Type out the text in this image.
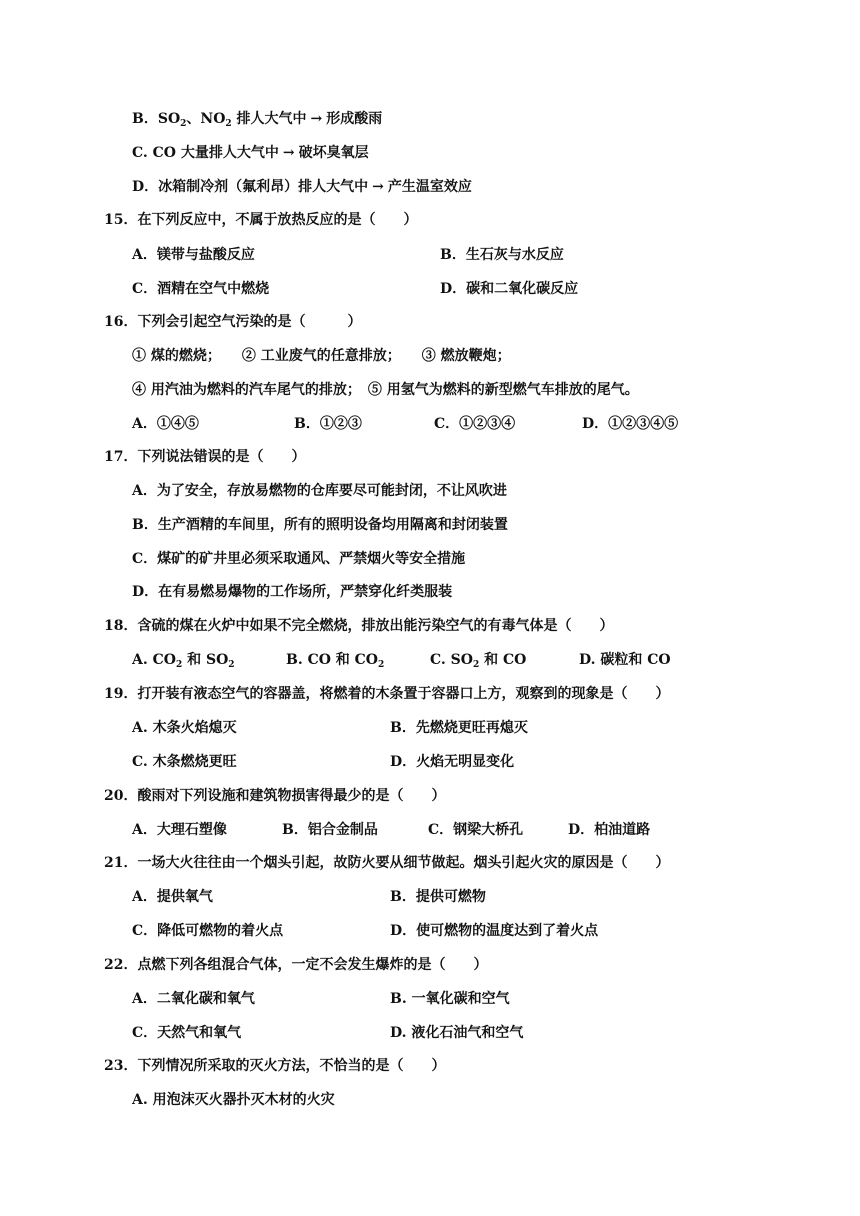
B．$SO_2$、$NO_2$ 排人大气中 → 形成酸雨
C. CO 大量排人大气中 → 破坏臭氧层
D．冰箱制冷剂（氟利昂）排人大气中 → 产生温室效应
15．在下列反应中，不属于放热反应的是（　　）
A．镁带与盐酸反应	B．生石灰与水反应
C．酒精在空气中燃烧	D．碳和二氧化碳反应
16．下列会引起空气污染的是（　　　）
① 煤的燃烧；　　② 工业废气的任意排放；　　③ 燃放鞭炮；
④ 用汽油为燃料的汽车尾气的排放；　⑤ 用氢气为燃料的新型燃气车排放的尾气。
A．①④⑤	B．①②③	C．①②③④	D．①②③④⑤
17．下列说法错误的是（　　）
A．为了安全，存放易燃物的仓库要尽可能封闭，不让风吹进
B．生产酒精的车间里，所有的照明设备均用隔离和封闭装置
C．煤矿的矿井里必须采取通风、严禁烟火等安全措施
D．在有易燃易爆物的工作场所，严禁穿化纤类服装
18．含硫的煤在火炉中如果不完全燃烧，排放出能污染空气的有毒气体是（　　）
A. $CO_2$ 和 $SO_2$	B. CO 和 $CO_2$	C. $SO_2$ 和 CO	D. 碳粒和 CO
19．打开装有液态空气的容器盖，将燃着的木条置于容器口上方，观察到的现象是（　　）
A. 木条火焰熄灭	B．先燃烧更旺再熄灭
C. 木条燃烧更旺	D．火焰无明显变化
20．酸雨对下列设施和建筑物损害得最少的是（　　）
A．大理石塑像	B．铝合金制品	C．钢梁大桥孔	D．柏油道路
21．一场大火往往由一个烟头引起，故防火要从细节做起。烟头引起火灾的原因是（　　）
A．提供氧气	B．提供可燃物
C．降低可燃物的着火点	D．使可燃物的温度达到了着火点
22．点燃下列各组混合气体，一定不会发生爆炸的是（　　）
A．二氧化碳和氧气	B. 一氧化碳和空气
C．天然气和氧气	D. 液化石油气和空气
23．下列情况所采取的灭火方法，不恰当的是（　　）
A. 用泡沫灭火器扑灭木材的火灾
